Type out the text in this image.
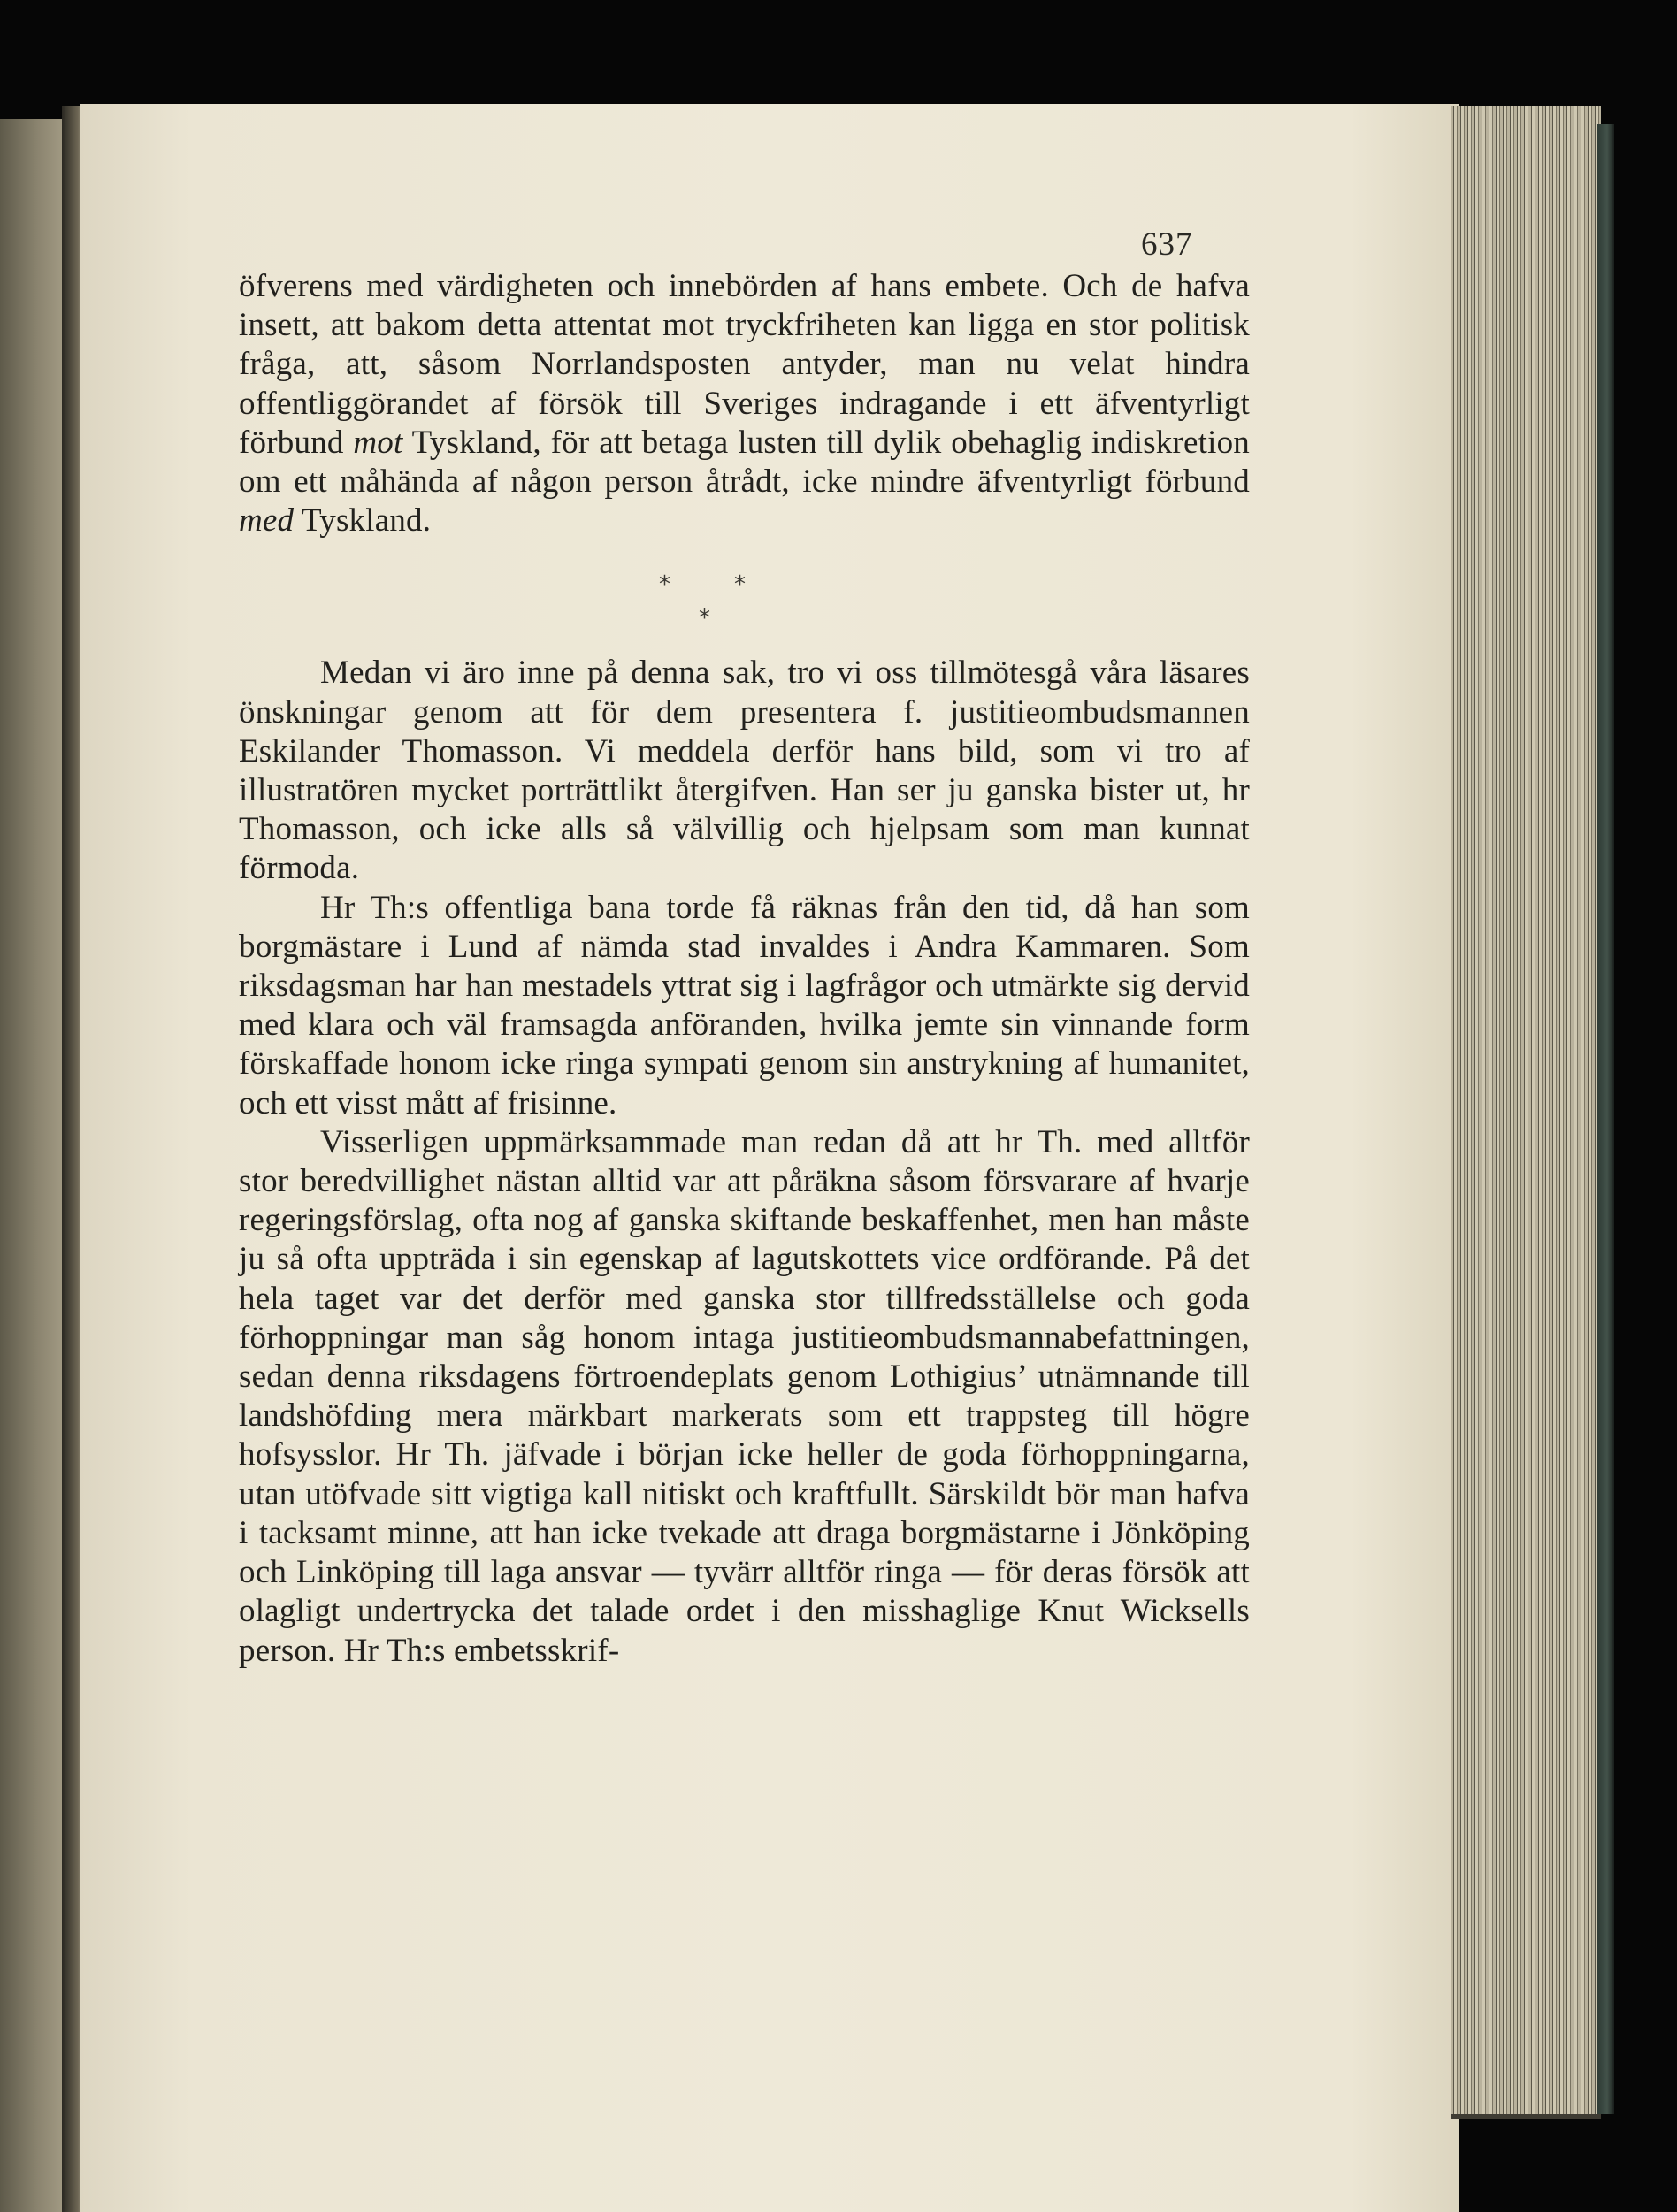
637

öfverens med värdigheten och innebörden af hans embete. Och de hafva insett, att bakom detta attentat mot tryckfriheten kan ligga en stor politisk fråga, att, såsom Norrlandsposten antyder, man nu velat hindra offentliggörandet af försök till Sveriges indragande i ett äfventyrligt förbund mot Tyskland, för att betaga lusten till dylik obehaglig indiskretion om ett måhända af någon person åtrådt, icke mindre äfventyrligt förbund med Tyskland.

*	*
*

Medan vi äro inne på denna sak, tro vi oss tillmötesgå våra läsares önskningar genom att för dem presentera f. justitieombudsmannen Eskilander Thomasson. Vi meddela derför hans bild, som vi tro af illustratören mycket porträttlikt återgifven. Han ser ju ganska bister ut, hr Thomasson, och icke alls så välvillig och hjelpsam som man kunnat förmoda.

Hr Th:s offentliga bana torde få räknas från den tid, då han som borgmästare i Lund af nämda stad invaldes i Andra Kammaren. Som riksdagsman har han mestadels yttrat sig i lagfrågor och utmärkte sig dervid med klara och väl framsagda anföranden, hvilka jemte sin vinnande form förskaffade honom icke ringa sympati genom sin anstrykning af humanitet, och ett visst mått af frisinne.

Visserligen uppmärksammade man redan då att hr Th. med alltför stor beredvillighet nästan alltid var att påräkna såsom försvarare af hvarje regeringsförslag, ofta nog af ganska skiftande beskaffenhet, men han måste ju så ofta uppträda i sin egenskap af lagutskottets vice ordförande. På det hela taget var det derför med ganska stor tillfredsställelse och goda förhoppningar man såg honom intaga justitieombudsmannabefattningen, sedan denna riksdagens förtroendeplats genom Lothigius’ utnämnande till landshöfding mera märkbart markerats som ett trappsteg till högre hofsysslor. Hr Th. jäfvade i början icke heller de goda förhoppningarna, utan utöfvade sitt vigtiga kall nitiskt och kraftfullt. Särskildt bör man hafva i tacksamt minne, att han icke tvekade att draga borgmästarne i Jönköping och Linköping till laga ansvar — tyvärr alltför ringa — för deras försök att olagligt undertrycka det talade ordet i den misshaglige Knut Wicksells person. Hr Th:s embetsskrif-
